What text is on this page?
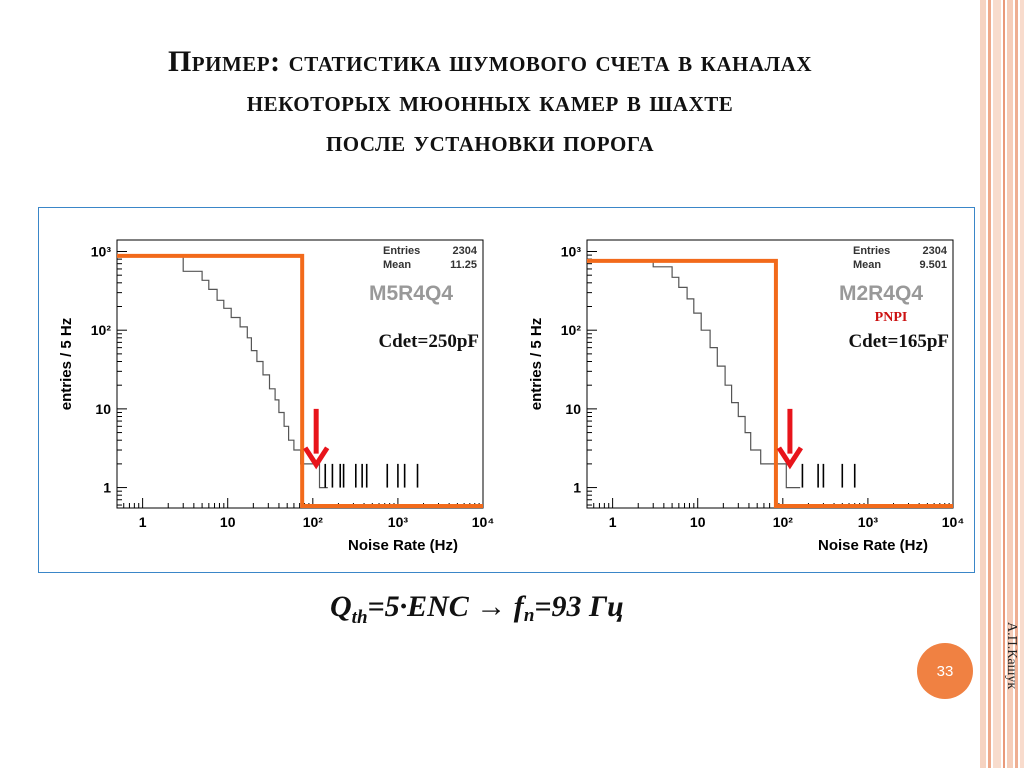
Пример: статистика шумового счета в каналах
некоторых мюонных камер в шахте
после установки порога
1	10	10²	10³	10⁴
1
10
10²
10³
Noise Rate (Hz)
entries / 5 Hz
Entries	2304
Mean	11.25
M5R4Q4
Cdet=250pF
1	10	10²	10³	10⁴
1
10
10²
10³
Noise Rate (Hz)
entries / 5 Hz
Entries	2304
Mean	9.501
M2R4Q4
PNPI
Cdet=165pF
$Q_{th}=5\cdot ENC \to fn=93$ Гц
33	А.П.Кашук
